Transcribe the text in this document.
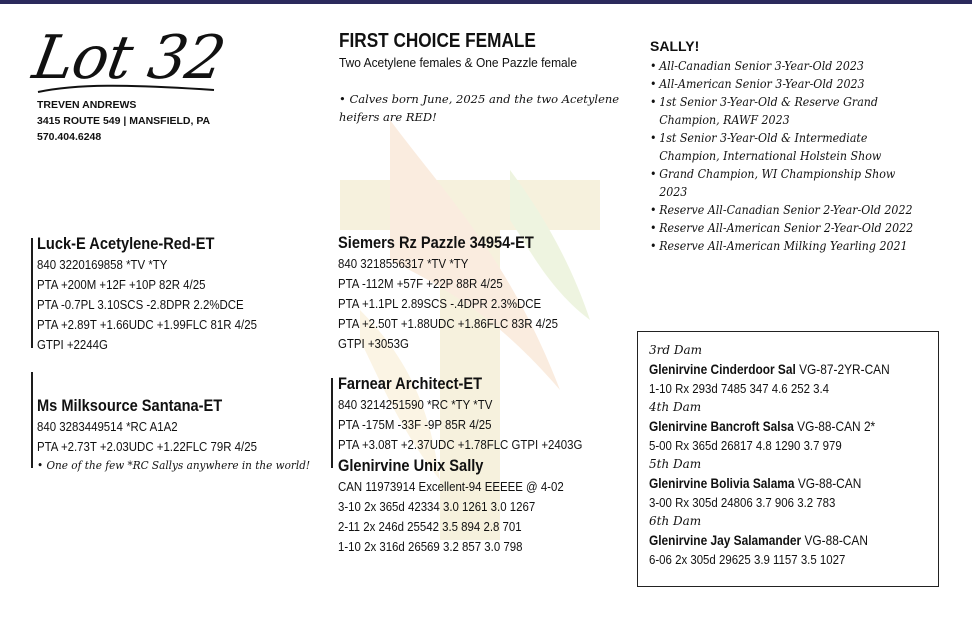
Lot 32
TREVEN ANDREWS
3415 ROUTE 549 | MANSFIELD, PA
570.404.6248
FIRST CHOICE FEMALE
Two Acetylene females & One Pazzle female
• Calves born June, 2025 and the two Acetylene heifers are RED!
SALLY!
• All-Canadian Senior 3-Year-Old 2023
• All-American Senior 3-Year-Old 2023
• 1st Senior 3-Year-Old & Reserve Grand Champion, RAWF 2023
• 1st Senior 3-Year-Old & Intermediate Champion, International Holstein Show
• Grand Champion, WI Championship Show 2023
• Reserve All-Canadian Senior 2-Year-Old 2022
• Reserve All-American Senior 2-Year-Old 2022
• Reserve All-American Milking Yearling 2021
Luck-E Acetylene-Red-ET
840 3220169858 *TV *TY
PTA +200M +12F +10P 82R 4/25
PTA -0.7PL 3.10SCS -2.8DPR 2.2%DCE
PTA +2.89T +1.66UDC +1.99FLC 81R 4/25
GTPI +2244G
Ms Milksource Santana-ET
840 3283449514 *RC A1A2
PTA +2.73T +2.03UDC +1.22FLC 79R 4/25
• One of the few *RC Sallys anywhere in the world!
Siemers Rz Pazzle 34954-ET
840 3218556317 *TV *TY
PTA -112M +57F +22P 88R 4/25
PTA +1.1PL 2.89SCS -.4DPR 2.3%DCE
PTA +2.50T +1.88UDC +1.86FLC 83R 4/25
GTPI +3053G
Farnear Architect-ET
840 3214251590 *RC *TY *TV
PTA -175M -33F -9P 85R 4/25
PTA +3.08T +2.37UDC +1.78FLC GTPI +2403G
Glenirvine Unix Sally
CAN 11973914 Excellent-94 EEEEE @ 4-02
3-10 2x 365d 42334 3.0 1261 3.0 1267
2-11 2x 246d 25542 3.5 894 2.8 701
1-10 2x 316d 26569 3.2 857 3.0 798
3rd Dam
Glenirvine Cinderdoor Sal VG-87-2YR-CAN
1-10 Rx 293d 7485 347 4.6 252 3.4
4th Dam
Glenirvine Bancroft Salsa VG-88-CAN 2*
5-00 Rx 365d 26817 4.8 1290 3.7 979
5th Dam
Glenirvine Bolivia Salama VG-88-CAN
3-00 Rx 305d 24806 3.7 906 3.2 783
6th Dam
Glenirvine Jay Salamander VG-88-CAN
6-06 2x 305d 29625 3.9 1157 3.5 1027
